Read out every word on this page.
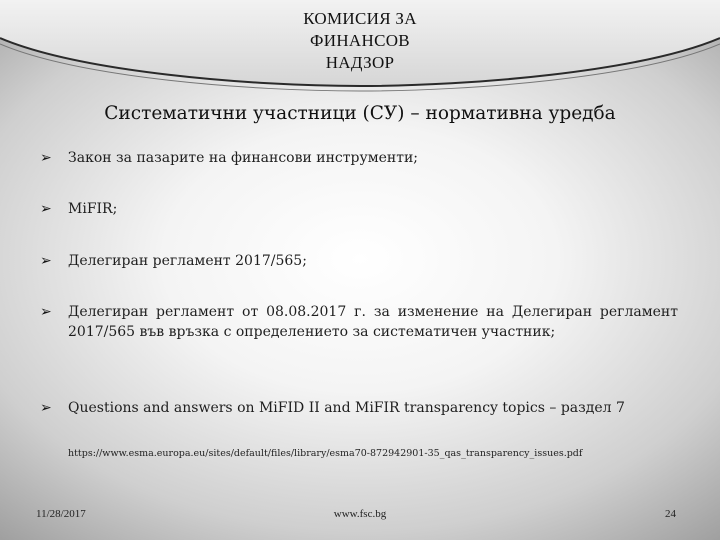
КОМИСИЯ ЗА
ФИНАНСОВ
НАДЗОР
Систематични участници (СУ) – нормативна уредба
➢ Закон за пазарите на финансови инструменти;
➢ MiFIR;
➢ Делегиран регламент 2017/565;
➢ Делегиран регламент от 08.08.2017 г. за изменение на Делегиран регламент 2017/565 във връзка с определението за систематичен участник;
➢ Questions and answers on MiFID II and MiFIR transparency topics – раздел 7
https://www.esma.europa.eu/sites/default/files/library/esma70-872942901-35_qas_transparency_issues.pdf
11/28/2017	www.fsc.bg	24
